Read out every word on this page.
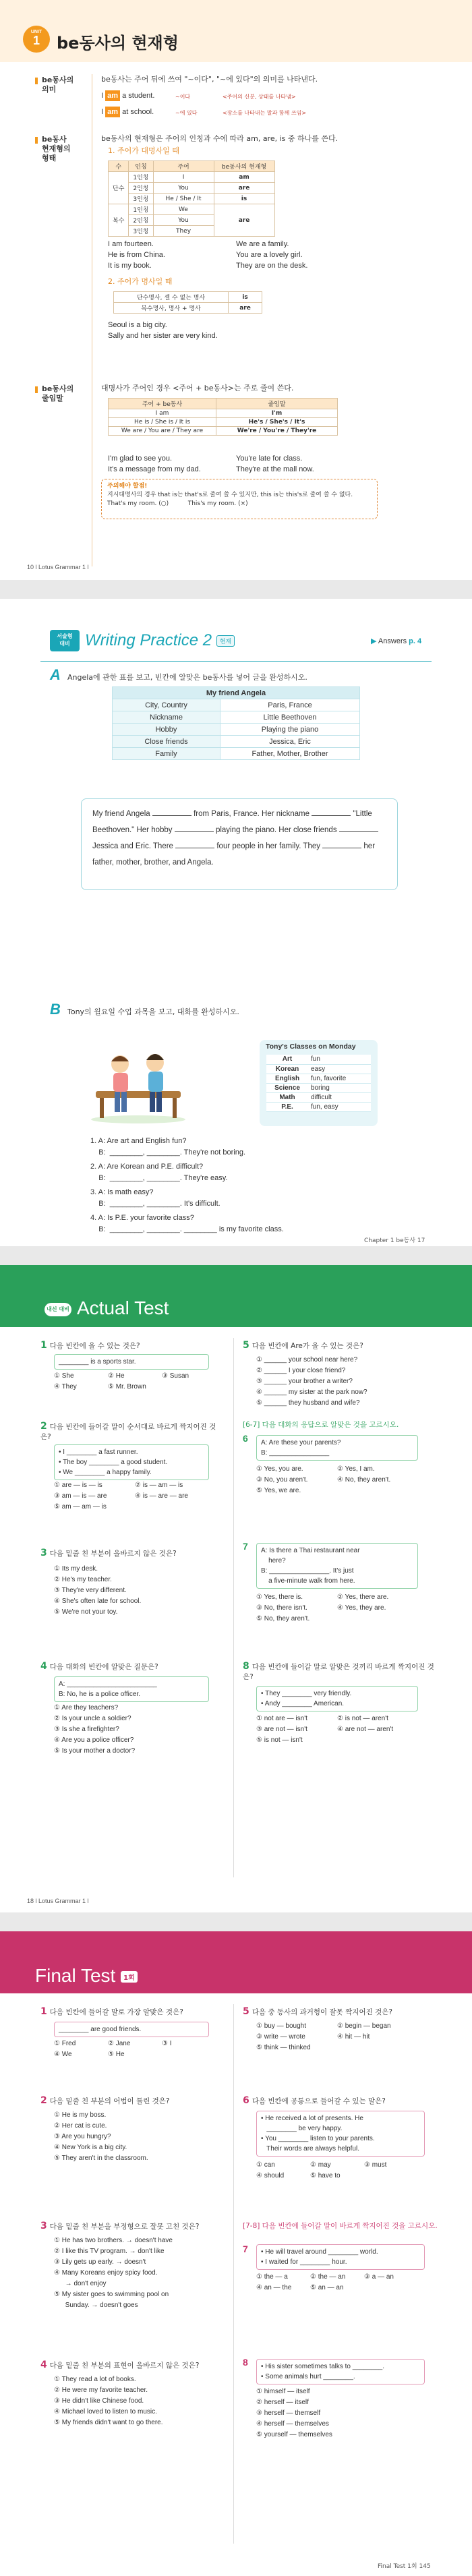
UNIT
1	be동사의 현재형
be동사의
의미
be동사는 주어 뒤에 쓰여 "~이다", "~에 있다"의 의미를 나타낸다.
I am a student.	~이다	<주어의 신분, 상태를 나타냄>
I am at school.	~에 있다	<장소를 나타내는 말과 함께 쓰임>
be동사
현재형의
형태
be동사의 현재형은 주어의 인칭과 수에 따라 am, are, is 중 하나를 쓴다.
1. 주어가 대명사일 때
수	인칭	주어	be동사의 현재형
단수	1인칭	I	am
	2인칭	You	are
	3인칭	He / She / It	is
복수	1인칭	We	are
	2인칭	You	
	3인칭	They	
I am fourteen.
He is from China.
It is my book.
We are a family.
You are a lovely girl.
They are on the desk.
2. 주어가 명사일 때
단수명사, 셀 수 없는 명사	is
복수명사, 명사 + 명사	are
Seoul is a big city.
Sally and her sister are very kind.
be동사의
줄임말
대명사가 주어인 경우 <주어 + be동사>는 주로 줄여 쓴다.
주어 + be동사	줄임말
I am	I'm
He is / She is / It is	He's / She's / It's
We are / You are / They are	We're / You're / They're
I'm glad to see you.
It's a message from my dad.
You're late for class.
They're at the mall now.
주의해야 할점!
지시대명사의 경우 that is는 that's로 줄여 쓸 수 있지만, this is는 this's로 줄여 쓸 수 없다.
That's my room. (○)          This's my room. (×)
10 l Lotus Grammar 1 l
서술형
대비 Writing Practice 2 현재	▶ Answers p. 4
A Angela에 관한 표를 보고, 빈칸에 알맞은 be동사를 넣어 글을 완성하시오.
My friend Angela	
City, Country	Paris, France
Nickname	Little Beethoven
Hobby	Playing the piano
Close friends	Jessica, Eric
Family	Father, Mother, Brother
My friend Angela	from Paris, France. Her nickname	"Little Beethoven." Her hobby	playing the piano. Her close friends  Jessica and Eric. There	four people in her family. They	her father, mother, brother, and Angela.
B Tony의 월요일 수업 과목을 보고, 대화를 완성하시오.
Tony's Classes on Monday
Art	fun
Korean	easy
English	fun, favorite
Science	boring
Math	difficult
P.E.	fun, easy
1. A: Are art and English fun?
B:  ________, ________. They're not boring.
2. A: Are Korean and P.E. difficult?
B:  ________, ________. They're easy.
3. A: Is math easy?
B:  ________, ________. It's difficult.
4. A: Is P.E. your favorite class?
B:  ________, ________. ________ is my favorite class.
Chapter 1 be동사 17
내신 대비 Actual Test
1 다음 빈칸에 올 수 있는 것은?
________ is a sports star.
① She	② He	③ Susan
④ They	⑤ Mr. Brown
2 다음 빈칸에 들어갈 말이 순서대로 바르게 짝지어진 것은?
• I ________ a fast runner.
• The boy ________ a good student.
• We ________ a happy family.
① are — is — is	② is — am — is
③ am — is — are	④ is — are — are
⑤ am — am — is
3 다음 밑줄 친 부분이 올바르지 않은 것은?
① Its my desk.
② He's my teacher.
③ They're very different.
④ She's often late for school.
⑤ We're not your toy.
4 다음 대화의 빈칸에 알맞은 질문은?
A: ________________________
B: No, he is a police officer.
① Are they teachers?
② Is your uncle a soldier?
③ Is she a firefighter?
④ Are you a police officer?
⑤ Is your mother a doctor?
5 다음 빈칸에 Are가 올 수 있는 것은?
① ______ your school near here?
② ______ I your close friend?
③ ______ your brother a writer?
④ ______ my sister at the park now?
⑤ ______ they husband and wife?
[6-7] 다음 대화의 응답으로 알맞은 것을 고르시오.
6	A: Are these your parents?
B: ________________
① Yes, you are.	② Yes, I am.
③ No, you aren't.	④ No, they aren't.
⑤ Yes, we are.
7	A: Is there a Thai restaurant near
here?
B: ________________. It's just
a five-minute walk from here.
① Yes, there is.	② Yes, there are.
③ No, there isn't.	④ Yes, they are.
⑤ No, they aren't.
8 다음 빈칸에 들어갈 말로 알맞은 것끼리 바르게 짝지어진 것은?
• They ________ very friendly.
• Andy ________ American.
① not are — isn't	② is not — aren't
③ are not — isn't	④ are not — aren't
⑤ is not — isn't
18 l Lotus Grammar 1 l
Final Test 1회
1 다음 빈칸에 들어갈 말로 가장 알맞은 것은?
________ are good friends.
① Fred	② Jane	③ I
④ We	⑤ He
2 다음 밑줄 친 부분의 어법이 틀린 것은?
① He is my boss.
② Her cat is cute.
③ Are you hungry?
④ New York is a big city.
⑤ They aren't in the classroom.
3 다음 밑줄 친 부분을 부정형으로 잘못 고친 것은?
① He has two brothers. → doesn't have
② I like this TV program. → don't like
③ Lily gets up early. → doesn't
④ Many Koreans enjoy spicy food.
→ don't enjoy
⑤ My sister goes to swimming pool on
Sunday. → doesn't goes
4 다음 밑줄 친 부분의 표현이 올바르지 않은 것은?
① They read a lot of books.
② He were my favorite teacher.
③ He didn't like Chinese food.
④ Michael loved to listen to music.
⑤ My friends didn't want to go there.
5 다음 중 동사의 과거형이 잘못 짝지어진 것은?
① buy — bought	② begin — began
③ write — wrote	④ hit — hit
⑤ think — thinked
6 다음 빈칸에 공통으로 들어갈 수 있는 말은?
• He received a lot of presents. He
________ be very happy.
• You ________ listen to your parents.
Their words are always helpful.
① can	② may	③ must
④ should	⑤ have to
[7-8] 다음 빈칸에 들어갈 말이 바르게 짝지어진 것을 고르시오.
7	• He will travel around ________ world.
• I waited for ________ hour.
① the — a	② the — an	③ a — an
④ an — the	⑤ an — an
8	• His sister sometimes talks to ________.
• Some animals hurt ________.
① himself — itself
② herself — itself
③ herself — themself
④ herself — themselves
⑤ yourself — themselves
Final Test 1회 145
